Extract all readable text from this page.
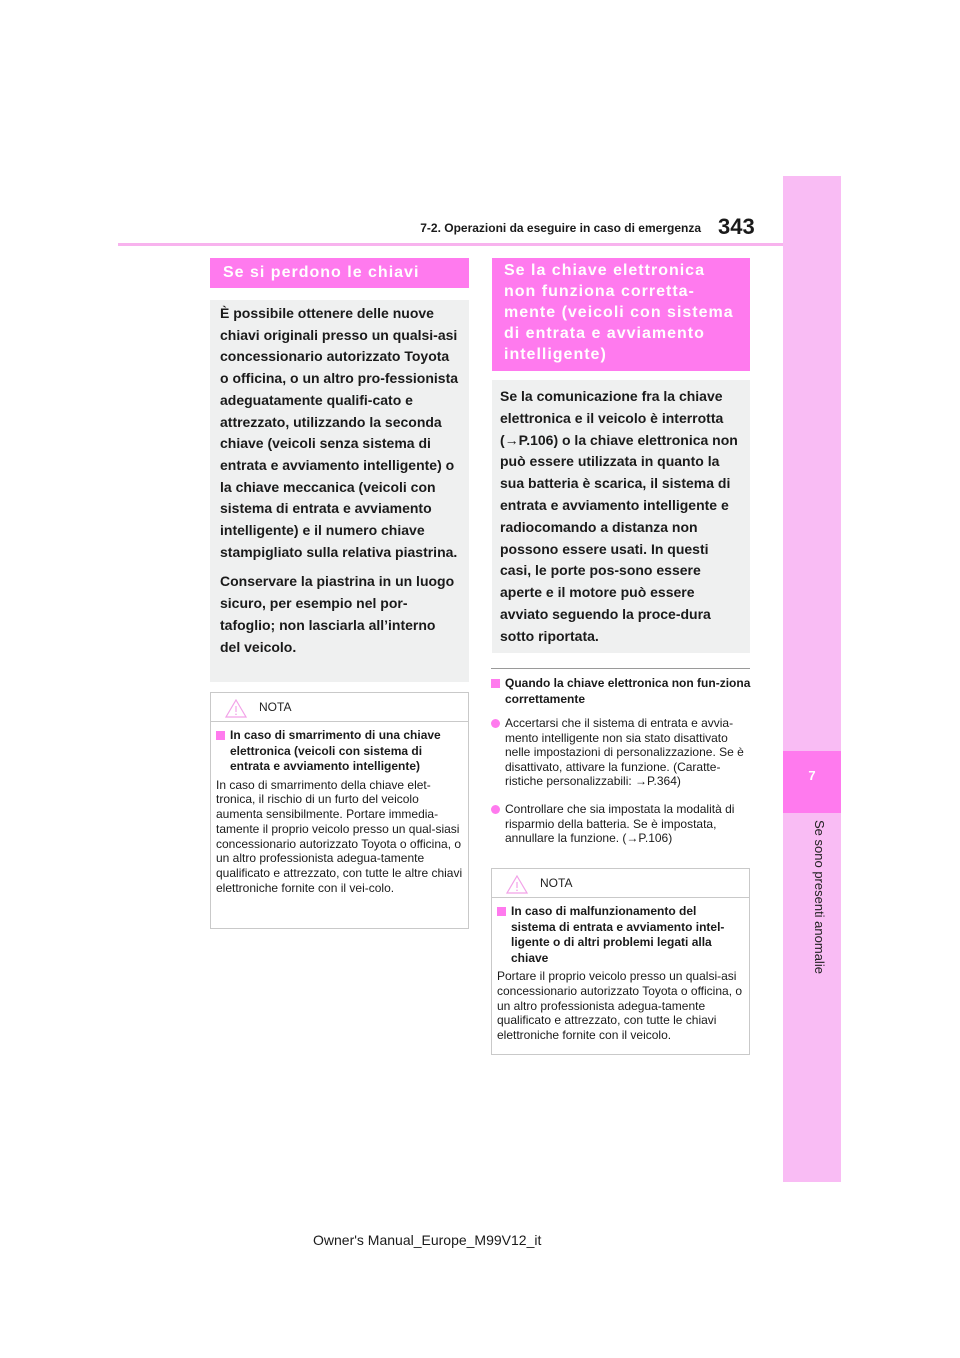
7-2. Operazioni da eseguire in caso di emergenza 343
7
Se sono presenti anomalie
Se si perdono le chiavi

È possibile ottenere delle nuove chiavi originali presso un qualsi-asi concessionario autorizzato Toyota o officina, o un altro pro-fessionista adeguatamente qualifi-cato e attrezzato, utilizzando la seconda chiave (veicoli senza sistema di entrata e avviamento intelligente) o la chiave meccanica (veicoli con sistema di entrata e avviamento intelligente) e il numero chiave stampigliato sulla relativa piastrina.

Conservare la piastrina in un luogo sicuro, per esempio nel por-tafoglio; non lasciarla all’interno del veicolo.

NOTA
In caso di smarrimento di una chiave elettronica (veicoli con sistema di entrata e avviamento intelligente)
In caso di smarrimento della chiave elet-tronica, il rischio di un furto del veicolo aumenta sensibilmente. Portare immedia-tamente il proprio veicolo presso un qual-siasi concessionario autorizzato Toyota o officina, o un altro professionista adegua-tamente qualificato e attrezzato, con tutte le altre chiavi elettroniche fornite con il vei-colo.
Se la chiave elettronica non funziona corretta-mente (veicoli con sistema di entrata e avviamento intelligente)

Se la comunicazione fra la chiave elettronica e il veicolo è interrotta (→P.106) o la chiave elettronica non può essere utilizzata in quanto la sua batteria è scarica, il sistema di entrata e avviamento intelligente e radiocomando a distanza non possono essere usati. In questi casi, le porte pos-sono essere aperte e il motore può essere avviato seguendo la proce-dura sotto riportata.

Quando la chiave elettronica non fun-ziona correttamente
Accertarsi che il sistema di entrata e avvia-mento intelligente non sia stato disattivato nelle impostazioni di personalizzazione. Se è disattivato, attivare la funzione. (Caratte-ristiche personalizzabili: →P.364)
Controllare che sia impostata la modalità di risparmio della batteria. Se è impostata, annullare la funzione. (→P.106)
NOTA
In caso di malfunzionamento del sistema di entrata e avviamento intel-ligente o di altri problemi legati alla chiave
Portare il proprio veicolo presso un qualsi-asi concessionario autorizzato Toyota o officina, o un altro professionista adegua-tamente qualificato e attrezzato, con tutte le chiavi elettroniche fornite con il veicolo.
Owner's Manual_Europe_M99V12_it
